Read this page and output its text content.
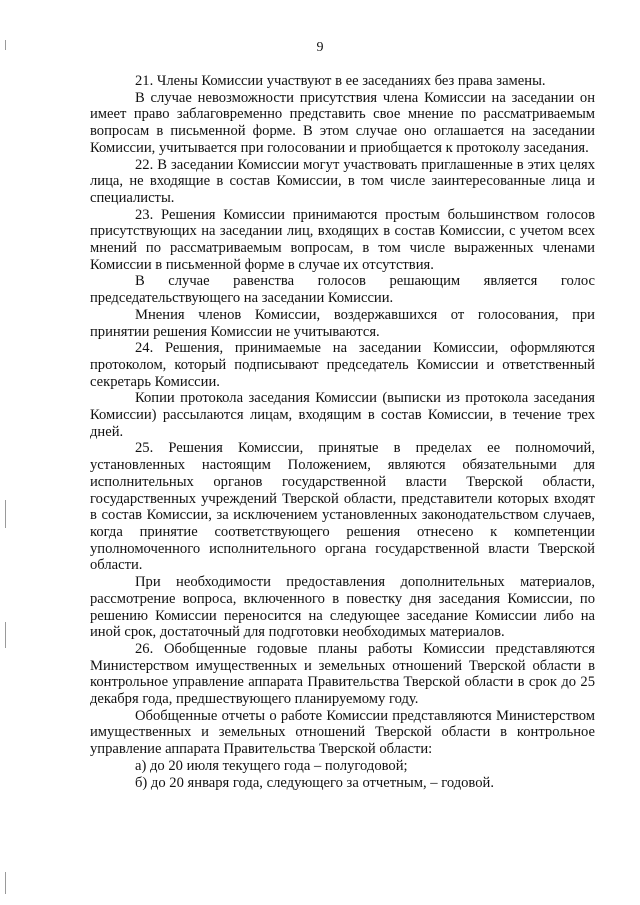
9

21. Члены Комиссии участвуют в ее заседаниях без права замены.

В случае невозможности присутствия члена Комиссии на заседании он имеет право заблаговременно представить свое мнение по рассматриваемым вопросам в письменной форме. В этом случае оно оглашается на заседании Комиссии, учитывается при голосовании и приобщается к протоколу заседания.

22. В заседании Комиссии могут участвовать приглашенные в этих целях лица, не входящие в состав Комиссии, в том числе заинтересованные лица и специалисты.

23. Решения Комиссии принимаются простым большинством голосов присутствующих на заседании лиц, входящих в состав Комиссии, с учетом всех мнений по рассматриваемым вопросам, в том числе выраженных членами Комиссии в письменной форме в случае их отсутствия.

В случае равенства голосов решающим является голос председательствующего на заседании Комиссии.

Мнения членов Комиссии, воздержавшихся от голосования, при принятии решения Комиссии не учитываются.

24. Решения, принимаемые на заседании Комиссии, оформляются протоколом, который подписывают председатель Комиссии и ответственный секретарь Комиссии.

Копии протокола заседания Комиссии (выписки из протокола заседания Комиссии) рассылаются лицам, входящим в состав Комиссии, в течение трех дней.

25. Решения Комиссии, принятые в пределах ее полномочий, установленных настоящим Положением, являются обязательными для исполнительных органов государственной власти Тверской области, государственных учреждений Тверской области, представители которых входят в состав Комиссии, за исключением установленных законодательством случаев, когда принятие соответствующего решения отнесено к компетенции уполномоченного исполнительного органа государственной власти Тверской области.

При необходимости предоставления дополнительных материалов, рассмотрение вопроса, включенного в повестку дня заседания Комиссии, по решению Комиссии переносится на следующее заседание Комиссии либо на иной срок, достаточный для подготовки необходимых материалов.

26. Обобщенные годовые планы работы Комиссии представляются Министерством имущественных и земельных отношений Тверской области в контрольное управление аппарата Правительства Тверской области в срок до 25 декабря года, предшествующего планируемому году.

Обобщенные отчеты о работе Комиссии представляются Министерством имущественных и земельных отношений Тверской области в контрольное управление аппарата Правительства Тверской области:

а) до 20 июля текущего года – полугодовой;

б) до 20 января года, следующего за отчетным, – годовой.
